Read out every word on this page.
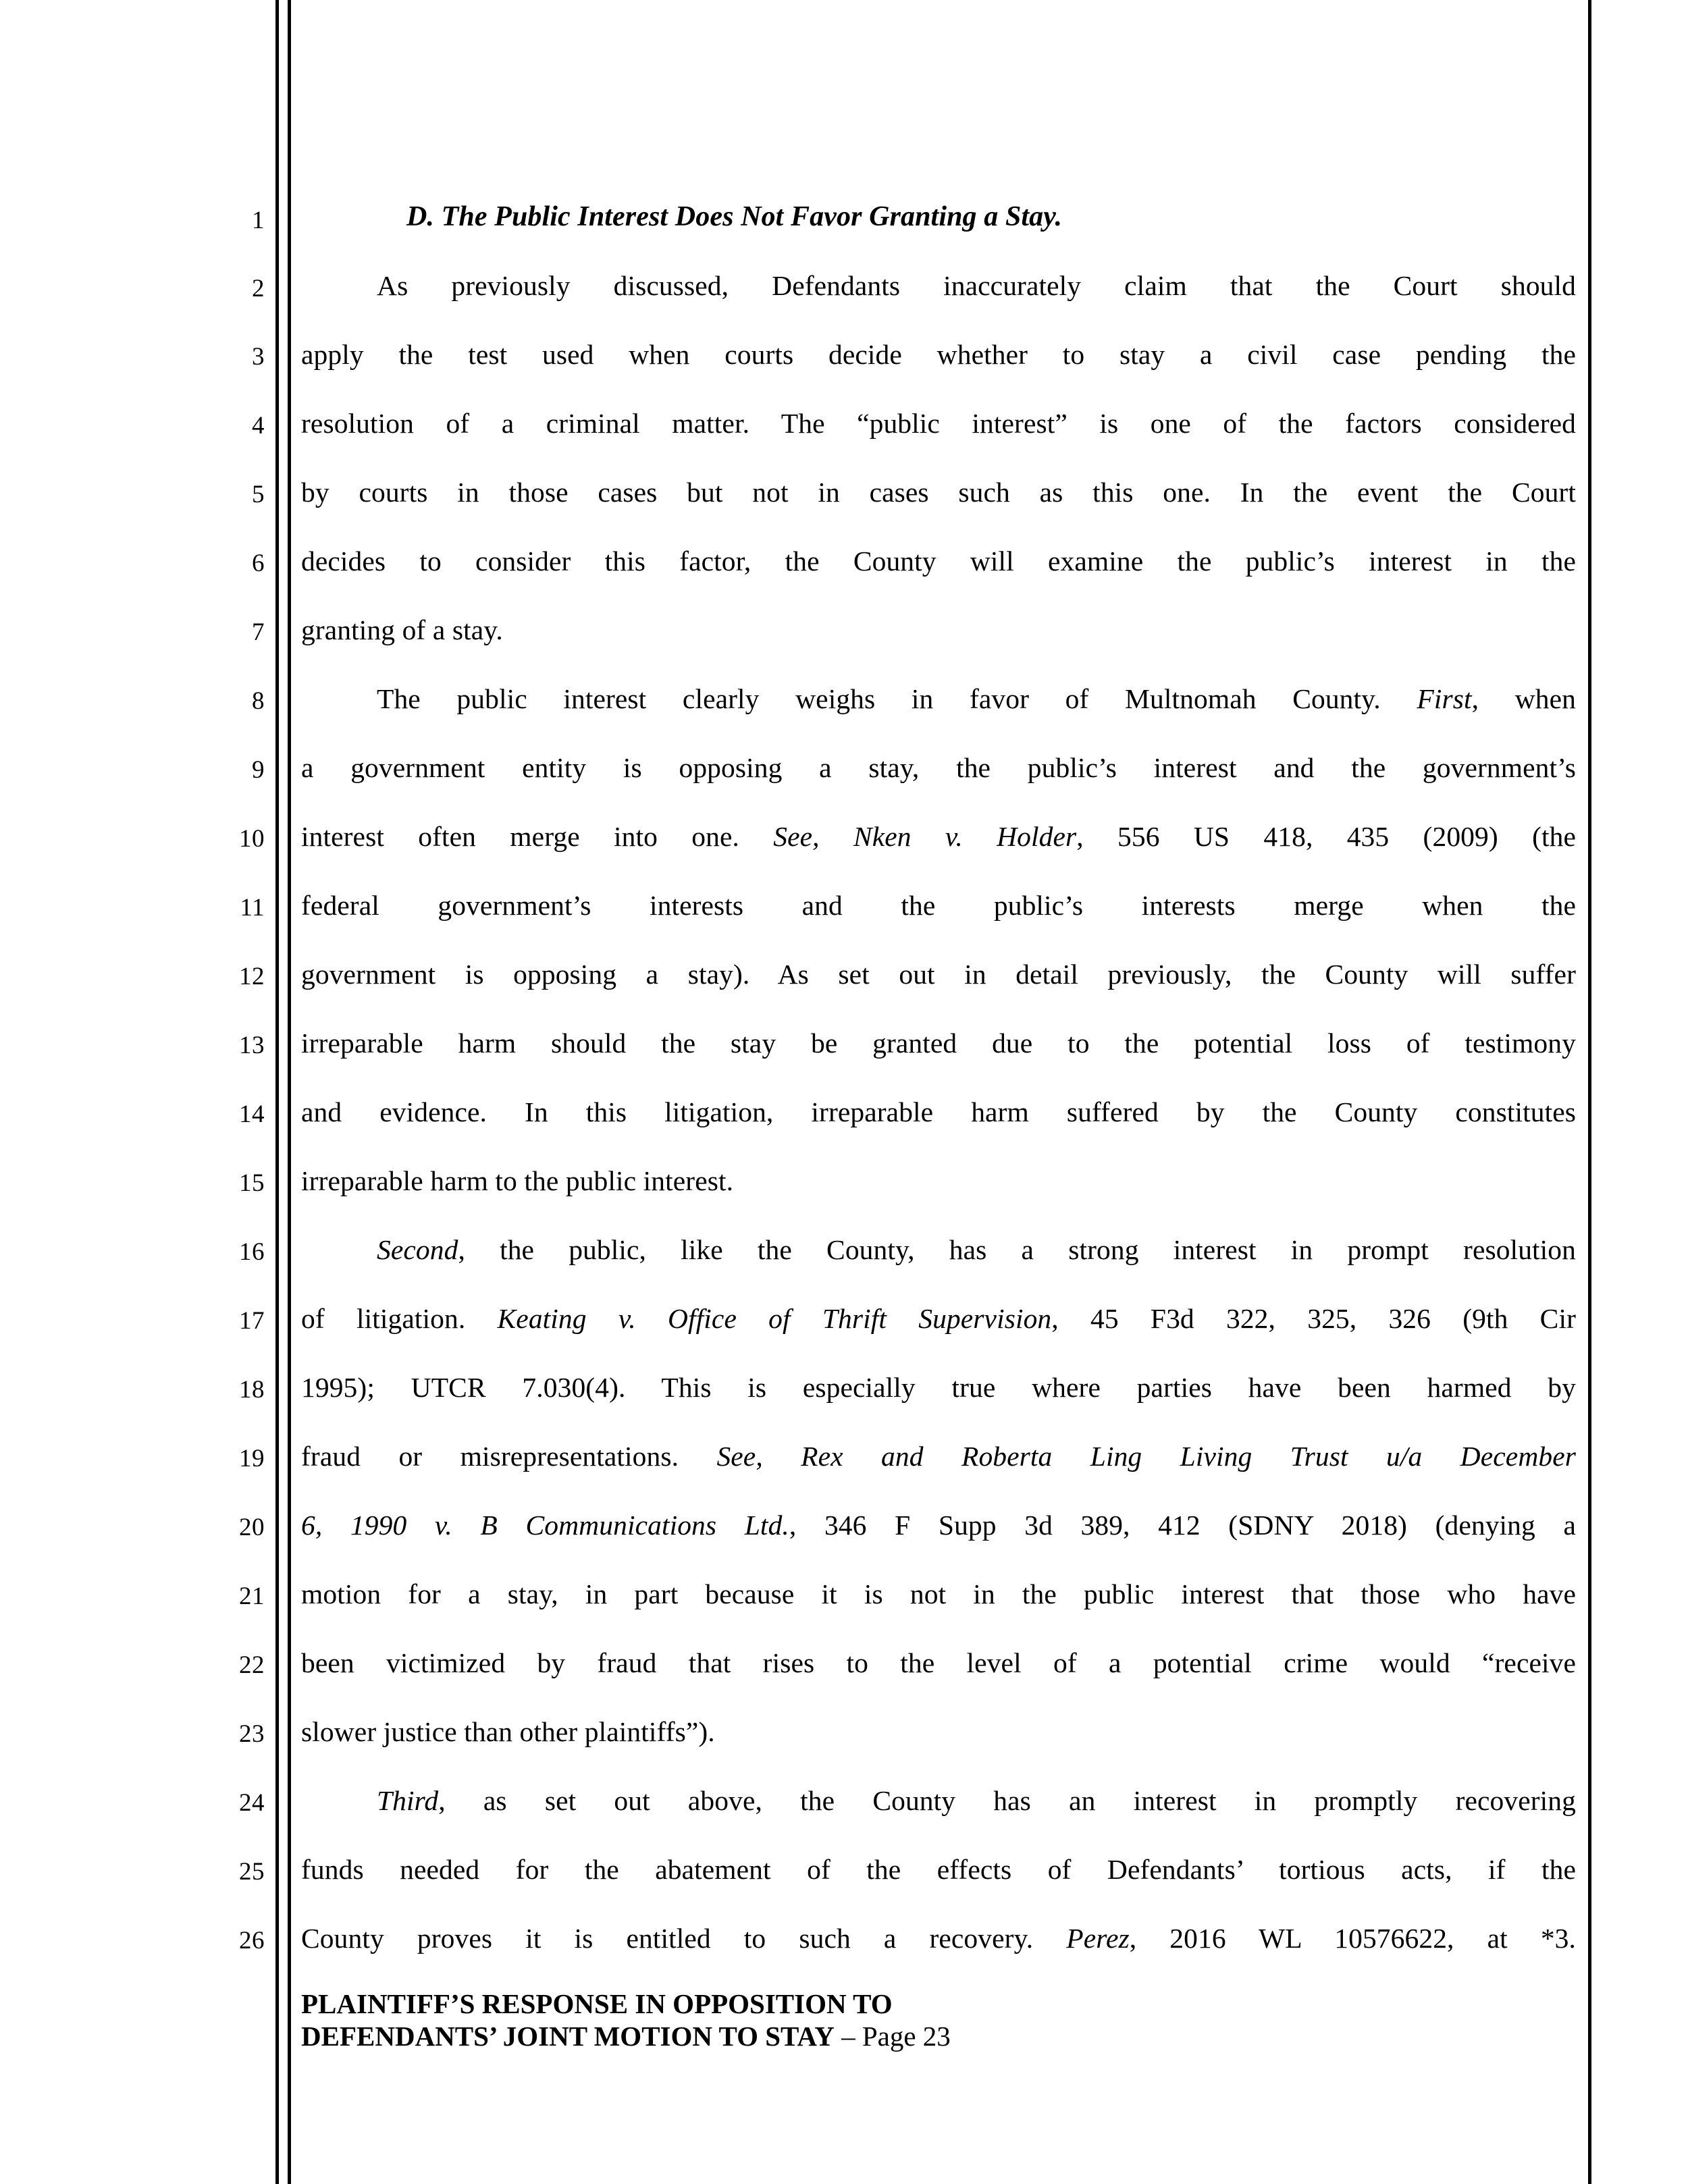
1
2
3
4
5
6
7
8
9
10
11
12
13
14
15
16
17
18
19
20
21
22
23
24
25
26
D. The Public Interest Does Not Favor Granting a Stay.
As previously discussed, Defendants inaccurately claim that the Court should
apply the test used when courts decide whether to stay a civil case pending the
resolution of a criminal matter. The “public interest” is one of the factors considered
by courts in those cases but not in cases such as this one. In the event the Court
decides to consider this factor, the County will examine the public’s interest in the
granting of a stay.
The public interest clearly weighs in favor of Multnomah County. First, when
a government entity is opposing a stay, the public’s interest and the government’s
interest often merge into one. See, Nken v. Holder, 556 US 418, 435 (2009) (the
federal government’s interests and the public’s interests merge when the
government is opposing a stay). As set out in detail previously, the County will suffer
irreparable harm should the stay be granted due to the potential loss of testimony
and evidence. In this litigation, irreparable harm suffered by the County constitutes
irreparable harm to the public interest.
Second, the public, like the County, has a strong interest in prompt resolution
of litigation. Keating v. Office of Thrift Supervision, 45 F3d 322, 325, 326 (9th Cir
1995); UTCR 7.030(4). This is especially true where parties have been harmed by
fraud or misrepresentations. See, Rex and Roberta Ling Living Trust u/a December
6, 1990 v. B Communications Ltd., 346 F Supp 3d 389, 412 (SDNY 2018) (denying a
motion for a stay, in part because it is not in the public interest that those who have
been victimized by fraud that rises to the level of a potential crime would “receive
slower justice than other plaintiffs”).
Third, as set out above, the County has an interest in promptly recovering
funds needed for the abatement of the effects of Defendants’ tortious acts, if the
County proves it is entitled to such a recovery. Perez, 2016 WL 10576622, at *3.
PLAINTIFF’S RESPONSE IN OPPOSITION TO
DEFENDANTS’ JOINT MOTION TO STAY – Page 23
